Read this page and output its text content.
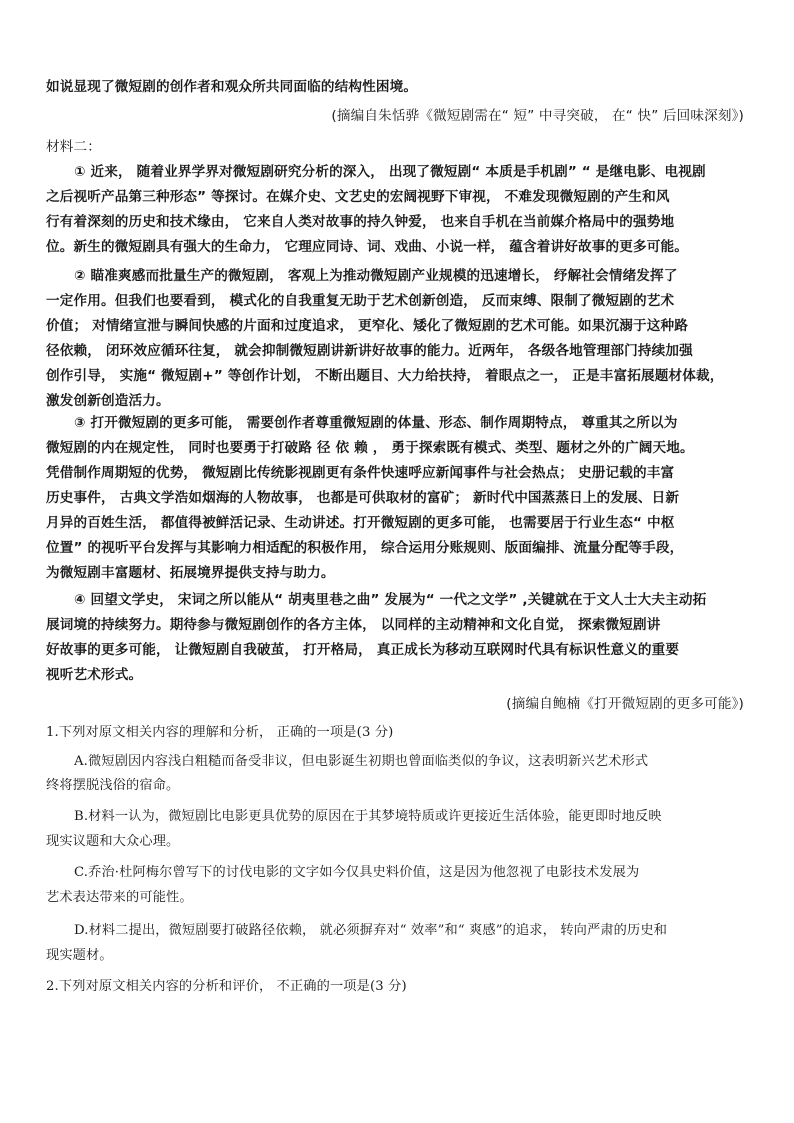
如说显现了微短剧的创作者和观众所共同面临的结构性困境。
(摘编自朱恬骅《微短剧需在“ 短” 中寻突破， 在“ 快” 后回味深刻》)
材料二：
① 近来， 随着业界学界对微短剧研究分析的深入， 出现了微短剧“ 本质是手机剧” “ 是继电影、电视剧
之后视听产品第三种形态” 等探讨。在媒介史、文艺史的宏阔视野下审视， 不难发现微短剧的产生和风
行有着深刻的历史和技术缘由， 它来自人类对故事的持久钟爱， 也来自手机在当前媒介格局中的强势地
位。新生的微短剧具有强大的生命力， 它理应同诗、词、戏曲、小说一样， 蕴含着讲好故事的更多可能。
② 瞄准爽感而批量生产的微短剧， 客观上为推动微短剧产业规模的迅速增长， 纾解社会情绪发挥了
一定作用。但我们也要看到， 模式化的自我重复无助于艺术创新创造， 反而束缚、限制了微短剧的艺术
价值； 对情绪宣泄与瞬间快感的片面和过度追求， 更窄化、矮化了微短剧的艺术可能。如果沉溺于这种路
径依赖， 闭环效应循环往复， 就会抑制微短剧讲新讲好故事的能力。近两年， 各级各地管理部门持续加强
创作引导， 实施“ 微短剧+” 等创作计划， 不断出题目、大力给扶持， 着眼点之一， 正是丰富拓展题材体裁，
激发创新创造活力。
③ 打开微短剧的更多可能， 需要创作者尊重微短剧的体量、形态、制作周期特点， 尊重其之所以为
微短剧的内在规定性， 同时也要勇于打破路 径 依 赖 ， 勇于探索既有模式、类型、题材之外的广阔天地。
凭借制作周期短的优势， 微短剧比传统影视剧更有条件快速呼应新闻事件与社会热点； 史册记载的丰富
历史事件， 古典文学浩如烟海的人物故事， 也都是可供取材的富矿； 新时代中国蒸蒸日上的发展、日新
月异的百姓生活， 都值得被鲜活记录、生动讲述。打开微短剧的更多可能， 也需要居于行业生态“ 中枢
位置” 的视听平台发挥与其影响力相适配的积极作用， 综合运用分账规则、版面编排、流量分配等手段，
为微短剧丰富题材、拓展境界提供支持与助力。
④ 回望文学史， 宋词之所以能从“ 胡夷里巷之曲” 发展为“ 一代之文学” ,关键就在于文人士大夫主动拓
展词境的持续努力。期待参与微短剧创作的各方主体， 以同样的主动精神和文化自觉， 探索微短剧讲
好故事的更多可能， 让微短剧自我破茧， 打开格局， 真正成长为移动互联网时代具有标识性意义的重要
视听艺术形式。
(摘编自鲍楠《打开微短剧的更多可能》)
1.下列对原文相关内容的理解和分析， 正确的一项是(3 分)
A.微短剧因内容浅白粗糙而备受非议，但电影诞生初期也曾面临类似的争议，这表明新兴艺术形式
终将摆脱浅俗的宿命。
B.材料一认为，微短剧比电影更具优势的原因在于其梦境特质或许更接近生活体验，能更即时地反映
现实议题和大众心理。
C.乔治·杜阿梅尔曾写下的讨伐电影的文字如今仅具史料价值，这是因为他忽视了电影技术发展为
艺术表达带来的可能性。
D.材料二提出，微短剧要打破路径依赖， 就必须摒弃对“ 效率”和“ 爽感”的追求， 转向严肃的历史和
现实题材。
2.下列对原文相关内容的分析和评价， 不正确的一项是(3 分)
